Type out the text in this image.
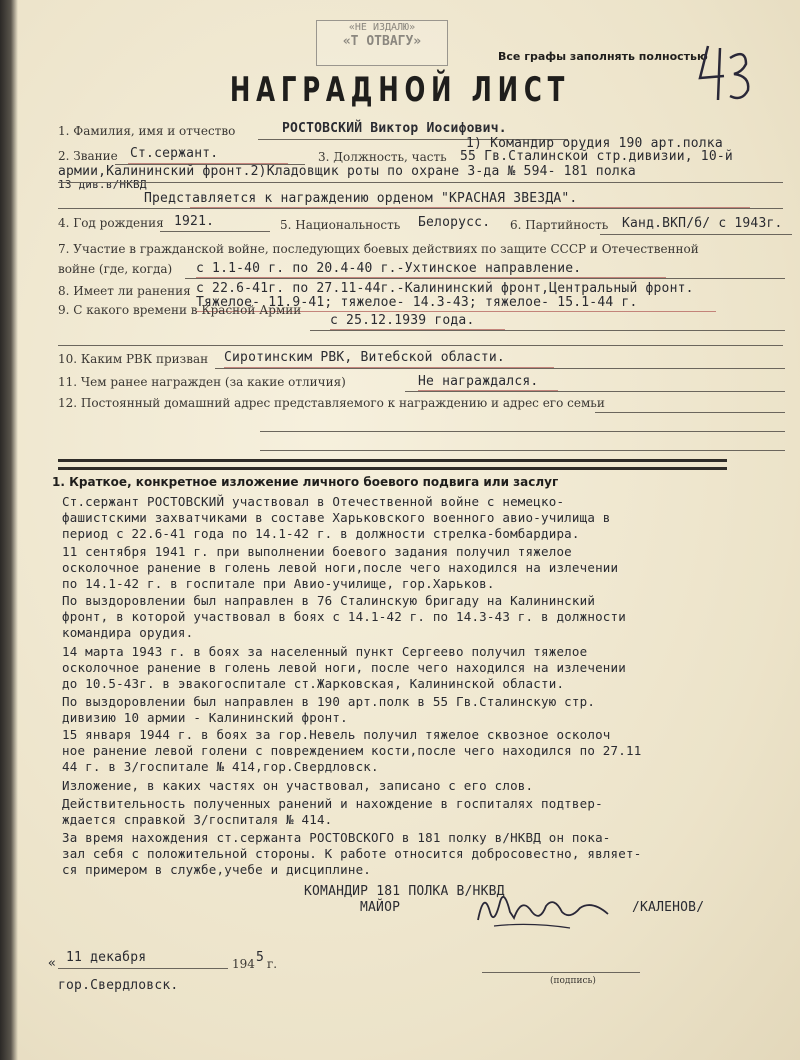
«НЕ ИЗДАЛЮ»
«Т ОТВАГУ»
Все графы заполнять полностью
НАГРАДНОЙ ЛИСТ
1. Фамилия, имя и отчество	РОСТОВСКИЙ Виктор Иосифович.
1) Командир орудия 190 арт.полка
2. Звание Ст.сержант.	3. Должность, часть 55 Гв.Сталинской стр.дивизии, 10-й
армии,Калининский фронт.2)Кладовщик роты по охране 3-да № 594- 181 полка
13 див.в/НКВД
Представляется к награждению орденом "КРАСНАЯ ЗВЕЗДА".
4. Год рождения 1921.	5. Национальность Белорусс. 6. Партийность Канд.ВКП/б/ с 1943г.
7. Участие в гражданской войне, последующих боевых действиях по защите СССР и Отечественной
войне (где, когда) с 1.1-40 г. по 20.4-40 г.-Ухтинское направление.
8. Имеет ли ранения с 22.6-41г. по 27.11-44г.-Калининский фронт,Центральный фронт.
Тяжелое- 11.9-41; тяжелое- 14.3-43; тяжелое- 15.1-44 г.
9. С какого времени в Красной Армии
с 25.12.1939 года.
10. Каким РВК призван Сиротинским РВК, Витебской области.
11. Чем ранее награжден (за какие отличия)	Не награждался.
12. Постоянный домашний адрес представляемого к награждению и адрес его семьи
1. Краткое, конкретное изложение личного боевого подвига или заслуг
Ст.сержант РОСТОВСКИЙ участвовал в Отечественной войне с немецко-
фашистскими захватчиками в составе Харьковского военного авио-училища в
период с 22.6-41 года по 14.1-42 г. в должности стрелка-бомбардира.
11 сентября 1941 г. при выполнении боевого задания получил тяжелое
осколочное ранение в голень левой ноги,после чего находился на излечении
по 14.1-42 г. в госпитале при Авио-училище, гор.Харьков.
По выздоровлении был направлен в 76 Сталинскую бригаду на Калининский
фронт, в которой участвовал в боях с 14.1-42 г. по 14.3-43 г. в должности
командира орудия.
14 марта 1943 г. в боях за населенный пункт Сергеево получил тяжелое
осколочное ранение в голень левой ноги, после чего находился на излечении
до 10.5-43г. в эвакогоспитале ст.Жарковская, Калининской области.
По выздоровлении был направлен в 190 арт.полк в 55 Гв.Сталинскую стр.
дивизию 10 армии - Калининский фронт.
15 января 1944 г. в боях за гор.Невель получил тяжелое сквозное осколоч
ное ранение левой голени с повреждением кости,после чего находился по 27.11
44 г. в З/госпитале № 414,гор.Свердловск.
Изложение, в каких частях он участвовал, записано с его слов.
Действительность полученных ранений и нахождение в госпиталях подтвер-
ждается справкой З/госпиталя № 414.
За время нахождения ст.сержанта РОСТОВСКОГО в 181 полку в/НКВД он пока-
зал себя с положительной стороны. К работе относится добросовестно, являет-
ся примером в службе,учебе и дисциплине.
КОМАНДИР 181 ПОЛКА В/НКВД
МАЙОР	/КАЛЕНОВ/
« 11 декабря	194 5 г.
гор.Свердловск.	(подпись)
